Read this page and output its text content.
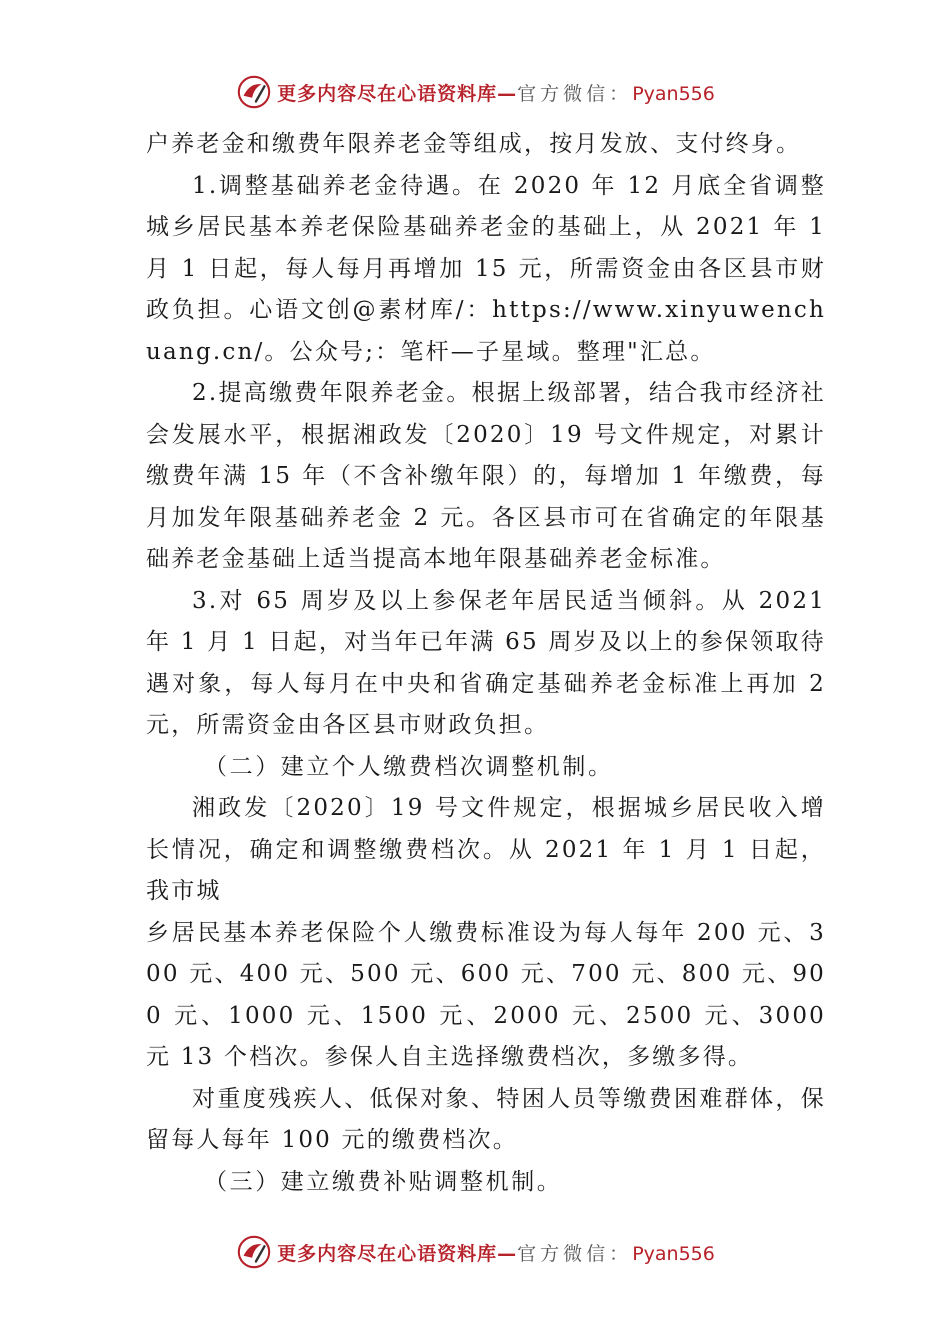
更多内容尽在心语资料库—官方微信：Pyan556

户养老金和缴费年限养老金等组成，按月发放、支付终身。

1.调整基础养老金待遇。在 2020 年 12 月底全省调整城乡居民基本养老保险基础养老金的基础上，从 2021 年 1 月 1 日起，每人每月再增加 15 元，所需资金由各区县市财政负担。心语文创@素材库/：https://www.xinyuwenchuang.cn/。公众号;：笔杆—子星域。整理"汇总。

2.提高缴费年限养老金。根据上级部署，结合我市经济社会发展水平，根据湘政发〔2020〕19 号文件规定，对累计缴费年满 15 年（不含补缴年限）的，每增加 1 年缴费，每月加发年限基础养老金 2 元。各区县市可在省确定的年限基础养老金基础上适当提高本地年限基础养老金标准。

3.对 65 周岁及以上参保老年居民适当倾斜。从 2021 年 1 月 1 日起，对当年已年满 65 周岁及以上的参保领取待遇对象，每人每月在中央和省确定基础养老金标准上再加 2 元，所需资金由各区县市财政负担。

（二）建立个人缴费档次调整机制。

湘政发〔2020〕19 号文件规定，根据城乡居民收入增长情况，确定和调整缴费档次。从 2021 年 1 月 1 日起，我市城

乡居民基本养老保险个人缴费标准设为每人每年 200 元、300 元、400 元、500 元、600 元、700 元、800 元、900 元、1000 元、1500 元、2000 元、2500 元、3000 元 13 个档次。参保人自主选择缴费档次，多缴多得。

对重度残疾人、低保对象、特困人员等缴费困难群体，保留每人每年 100 元的缴费档次。

（三）建立缴费补贴调整机制。

更多内容尽在心语资料库—官方微信：Pyan556
